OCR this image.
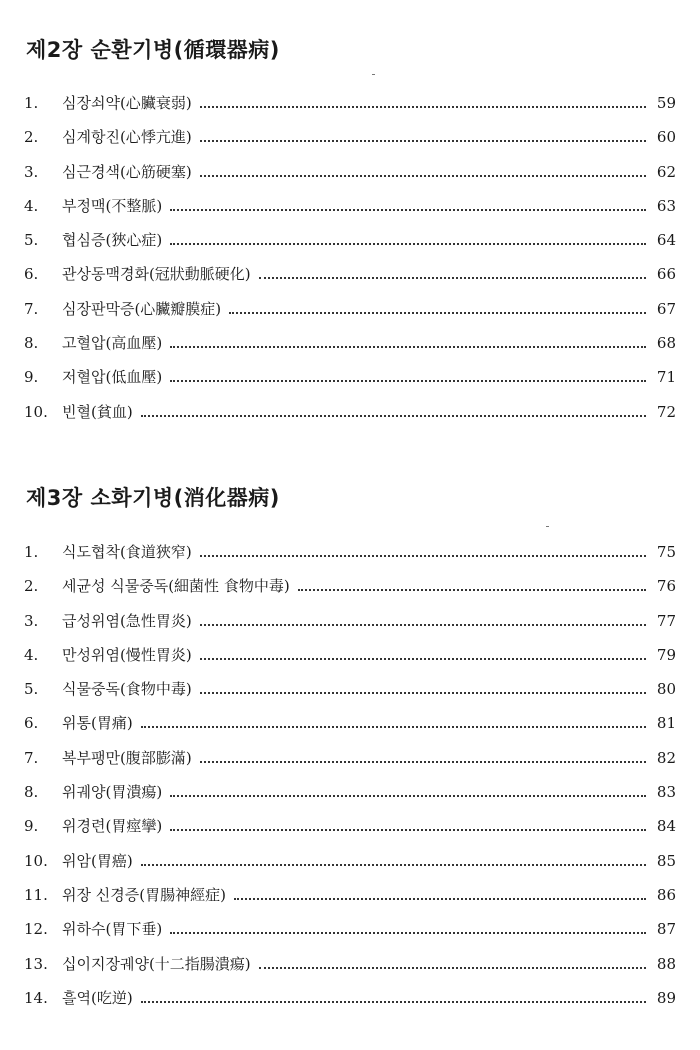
제2장 순환기병(循環器病)
1.	심장쇠약(心臟衰弱)	59
2.	심계항진(心悸亢進)	60
3.	심근경색(心筋硬塞)	62
4.	부정맥(不整脈)	63
5.	협심증(狹心症)	64
6.	관상동맥경화(冠狀動脈硬化)	66
7.	심장판막증(心臟瓣膜症)	67
8.	고혈압(高血壓)	68
9.	저혈압(低血壓)	71
10. 빈혈(貧血)	72
제3장 소화기병(消化器病)
1.	식도협착(食道狹窄)	75
2.	세균성 식물중독(細菌性 食物中毒)	76
3.	급성위염(急性胃炎)	77
4.	만성위염(慢性胃炎)	79
5.	식물중독(食物中毒)	80
6.	위통(胃痛)	81
7.	복부팽만(腹部膨滿)	82
8.	위궤양(胃潰瘍)	83
9.	위경련(胃痙攣)	84
10. 위암(胃癌)	85
11. 위장 신경증(胃腸神經症)	86
12. 위하수(胃下垂)	87
13. 십이지장궤양(十二指腸潰瘍)	88
14. 흘역(吃逆)	89
